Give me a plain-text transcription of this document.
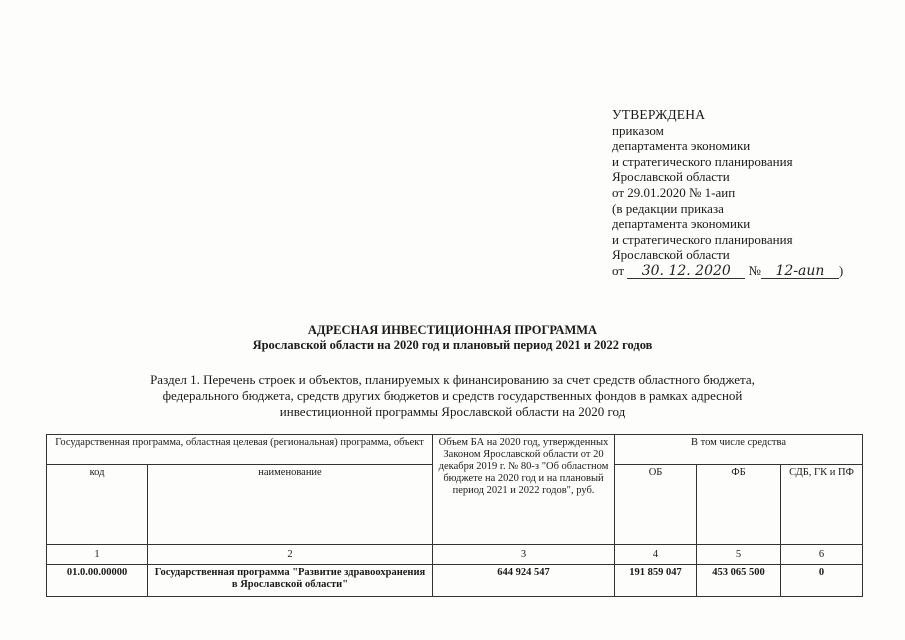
УТВЕРЖДЕНА
приказом
департамента экономики
и стратегического планирования
Ярославской области
от 29.01.2020 № 1-аип
(в редакции приказа
департамента экономики
и стратегического планирования
Ярославской области
от 30. 12. 2020 № 12-аип )
АДРЕСНАЯ ИНВЕСТИЦИОННАЯ ПРОГРАММА
Ярославской области на 2020 год и плановый период 2021 и 2022 годов
Раздел 1. Перечень строек и объектов, планируемых к финансированию за счет средств областного бюджета,
федерального бюджета, средств других бюджетов и средств государственных фондов в рамках адресной
инвестиционной программы Ярославской области на 2020 год
Государственная программа, областная целевая (региональная) программа, объект		Объем БА на 2020 год, утвержденных Законом Ярославской области от 20 декабря 2019 г. № 80-з "Об областном бюджете на 2020 год и на плановый период 2021 и 2022 годов", руб.	В том числе средства		
код	наименование		ОБ	ФБ	СДБ, ГК и ПФ
1	2	3	4	5	6
01.0.00.00000	Государственная программа "Развитие здравоохранения в Ярославской области"	644 924 547	191 859 047	453 065 500	0
